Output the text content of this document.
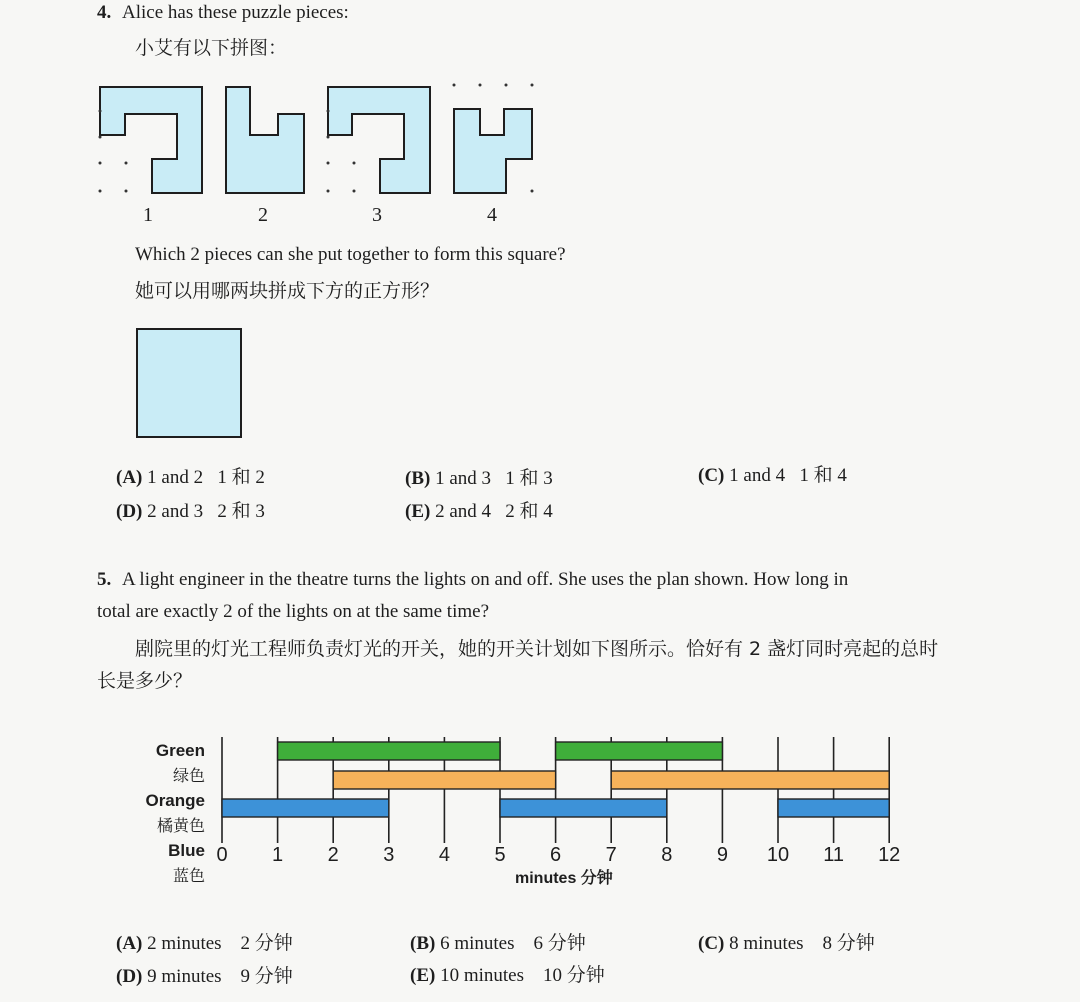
4. Alice has these puzzle pieces:
小艾有以下拼图：
1	2	3	4
Which 2 pieces can she put together to form this square?
她可以用哪两块拼成下方的正方形？
(A) 1 and 2   1 和 2	(B) 1 and 3   1 和 3	(C) 1 and 4   1 和 4
(D) 2 and 3   2 和 3	(E) 2 and 4   2 和 4
5. A light engineer in the theatre turns the lights on and off. She uses the plan shown. How long in
total are exactly 2 of the lights on at the same time?
剧院里的灯光工程师负责灯光的开关，她的开关计划如下图所示。恰好有 2 盏灯同时亮起的总时
长是多少？
0 1 2 3 4 5 6 7 8 9 10 11 12
Green
绿色
Orange
橘黄色
Blue
蓝色	minutes 分钟
(A) 2 minutes    2 分钟	(B) 6 minutes    6 分钟	(C) 8 minutes    8 分钟
(D) 9 minutes    9 分钟	(E) 10 minutes    10 分钟
